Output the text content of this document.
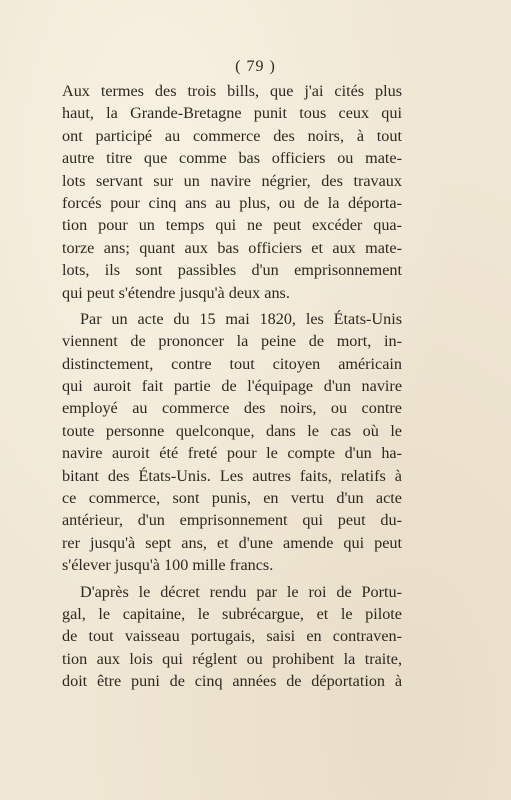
( 79 )
Aux termes des trois bills, que j'ai cités plus
haut, la Grande-Bretagne punit tous ceux qui
ont participé au commerce des noirs, à tout
autre titre que comme bas officiers ou mate-
lots servant sur un navire négrier, des travaux
forcés pour cinq ans au plus, ou de la déporta-
tion pour un temps qui ne peut excéder qua-
torze ans; quant aux bas officiers et aux mate-
lots, ils sont passibles d'un emprisonnement
qui peut s'étendre jusqu'à deux ans.
Par un acte du 15 mai 1820, les États-Unis
viennent de prononcer la peine de mort, in-
distinctement, contre tout citoyen américain
qui auroit fait partie de l'équipage d'un navire
employé au commerce des noirs, ou contre
toute personne quelconque, dans le cas où le
navire auroit été freté pour le compte d'un ha-
bitant des États-Unis. Les autres faits, relatifs à
ce commerce, sont punis, en vertu d'un acte
antérieur, d'un emprisonnement qui peut du-
rer jusqu'à sept ans, et d'une amende qui peut
s'élever jusqu'à 100 mille francs.
D'après le décret rendu par le roi de Portu-
gal, le capitaine, le subrécargue, et le pilote
de tout vaisseau portugais, saisi en contraven-
tion aux lois qui réglent ou prohibent la traite,
doit être puni de cinq années de déportation à
